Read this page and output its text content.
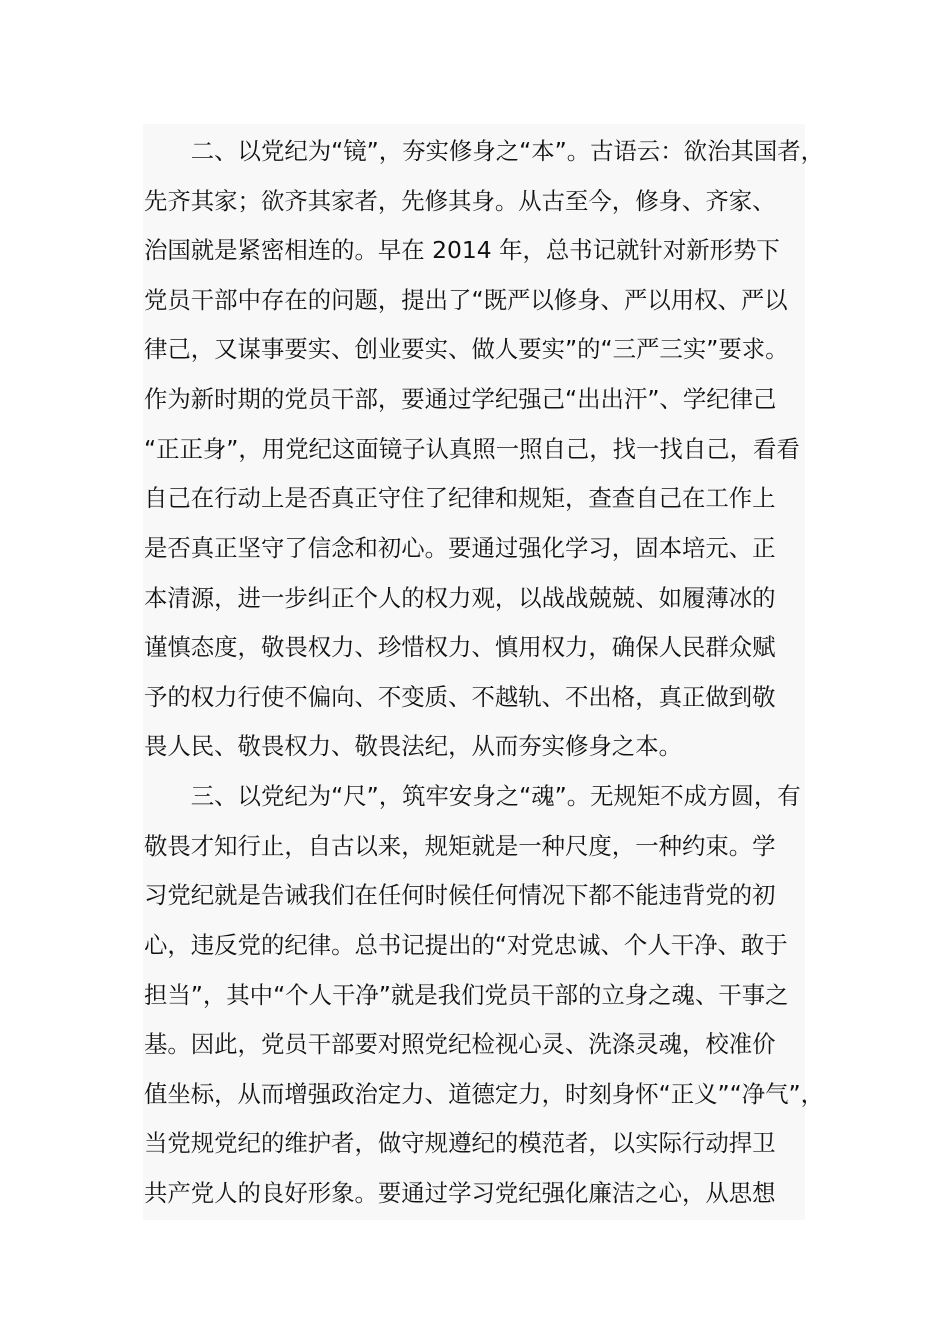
　　二、以党纪为“镜”，夯实修身之“本”。古语云：欲治其国者，
先齐其家；欲齐其家者，先修其身。从古至今，修身、齐家、
治国就是紧密相连的。早在 2014 年，总书记就针对新形势下
党员干部中存在的问题，提出了“既严以修身、严以用权、严以
律己，又谋事要实、创业要实、做人要实”的“三严三实”要求。
作为新时期的党员干部，要通过学纪强己“出出汗”、学纪律己
“正正身”，用党纪这面镜子认真照一照自己，找一找自己，看看
自己在行动上是否真正守住了纪律和规矩，查查自己在工作上
是否真正坚守了信念和初心。要通过强化学习，固本培元、正
本清源，进一步纠正个人的权力观，以战战兢兢、如履薄冰的
谨慎态度，敬畏权力、珍惜权力、慎用权力，确保人民群众赋
予的权力行使不偏向、不变质、不越轨、不出格，真正做到敬
畏人民、敬畏权力、敬畏法纪，从而夯实修身之本。
　　三、以党纪为“尺”，筑牢安身之“魂”。无规矩不成方圆，有
敬畏才知行止，自古以来，规矩就是一种尺度，一种约束。学
习党纪就是告诫我们在任何时候任何情况下都不能违背党的初
心，违反党的纪律。总书记提出的“对党忠诚、个人干净、敢于
担当”，其中“个人干净”就是我们党员干部的立身之魂、干事之
基。因此，党员干部要对照党纪检视心灵、洗涤灵魂，校准价
值坐标，从而增强政治定力、道德定力，时刻身怀“正义”“净气”，
当党规党纪的维护者，做守规遵纪的模范者，以实际行动捍卫
共产党人的良好形象。要通过学习党纪强化廉洁之心，从思想
